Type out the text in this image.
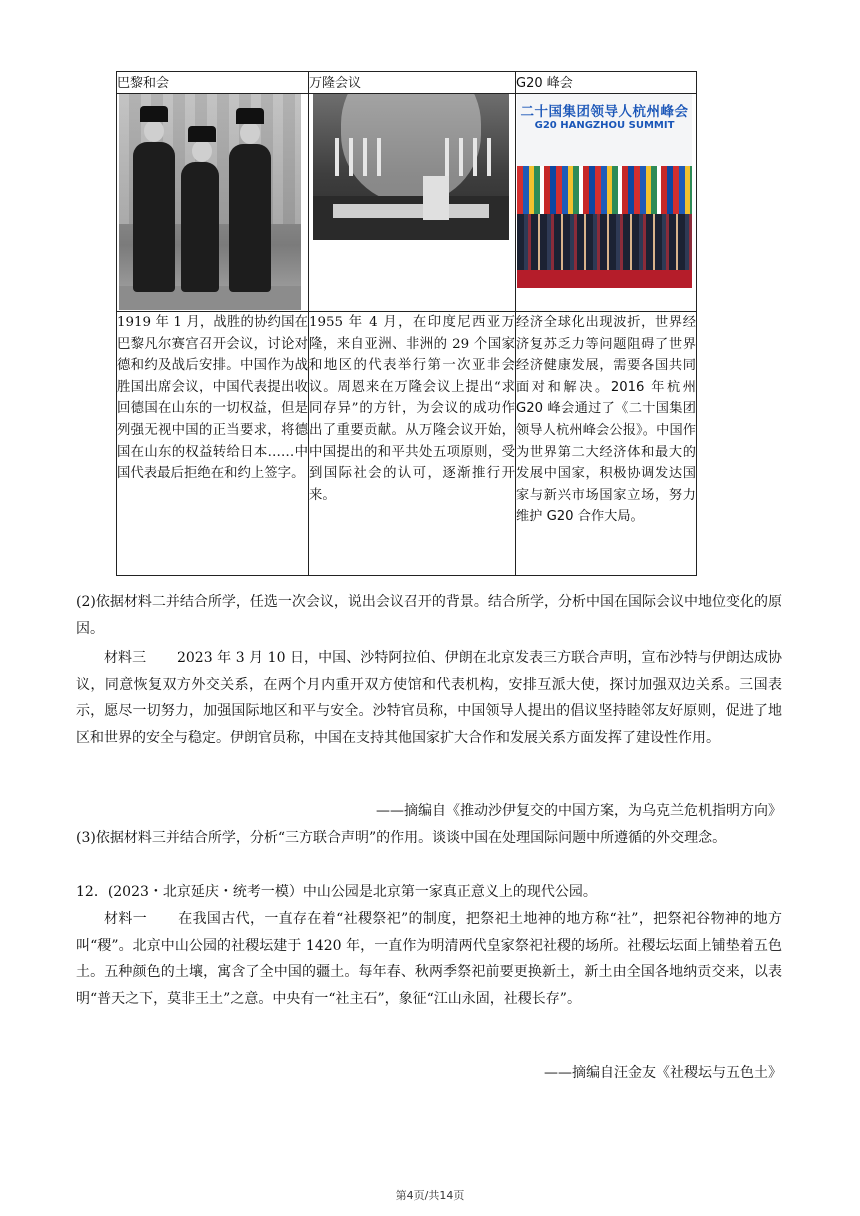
巴黎和会	万隆会议	G20 峰会

		二十国集团领导人杭州峰会
G20 HANGZHOU SUMMIT

1919 年 1 月，战胜的协约国在巴黎凡尔赛宫召开会议，讨论对德和约及战后安排。中国作为战胜国出席会议，中国代表提出收回德国在山东的一切权益，但是列强无视中国的正当要求，将德国在山东的权益转给日本……中国代表最后拒绝在和约上签字。	1955 年 4 月，在印度尼西亚万隆，来自亚洲、非洲的 29 个国家和地区的代表举行第一次亚非会议。周恩来在万隆会议上提出“求同存异”的方针，为会议的成功作出了重要贡献。从万隆会议开始，中国提出的和平共处五项原则，受到国际社会的认可，逐渐推行开来。	经济全球化出现波折，世界经济复苏乏力等问题阻碍了世界经济健康发展，需要各国共同面对和解决。2016 年杭州 G20 峰会通过了《二十国集团领导人杭州峰会公报》。中国作为世界第二大经济体和最大的发展中国家，积极协调发达国家与新兴市场国家立场，努力维护 G20 合作大局。
(2)依据材料二并结合所学，任选一次会议，说出会议召开的背景。结合所学，分析中国在国际会议中地位变化的原因。
材料三 2023 年 3 月 10 日，中国、沙特阿拉伯、伊朗在北京发表三方联合声明，宣布沙特与伊朗达成协议，同意恢复双方外交关系，在两个月内重开双方使馆和代表机构，安排互派大使，探讨加强双边关系。三国表示，愿尽一切努力，加强国际地区和平与安全。沙特官员称，中国领导人提出的倡议坚持睦邻友好原则，促进了地区和世界的安全与稳定。伊朗官员称，中国在支持其他国家扩大合作和发展关系方面发挥了建设性作用。
——摘编自《推动沙伊复交的中国方案，为乌克兰危机指明方向》
(3)依据材料三并结合所学，分析“三方联合声明”的作用。谈谈中国在处理国际问题中所遵循的外交理念。
12．(2023・北京延庆・统考一模）中山公园是北京第一家真正意义上的现代公园。
材料一 在我国古代，一直存在着“社稷祭祀”的制度，把祭祀土地神的地方称“社”，把祭祀谷物神的地方叫“稷”。北京中山公园的社稷坛建于 1420 年，一直作为明清两代皇家祭祀社稷的场所。社稷坛坛面上铺垫着五色土。五种颜色的土壤，寓含了全中国的疆土。每年春、秋两季祭祀前要更换新土，新土由全国各地纳贡交来，以表明“普天之下，莫非王土”之意。中央有一“社主石”，象征“江山永固，社稷长存”。
——摘编自汪金友《社稷坛与五色土》
第4页/共14页
